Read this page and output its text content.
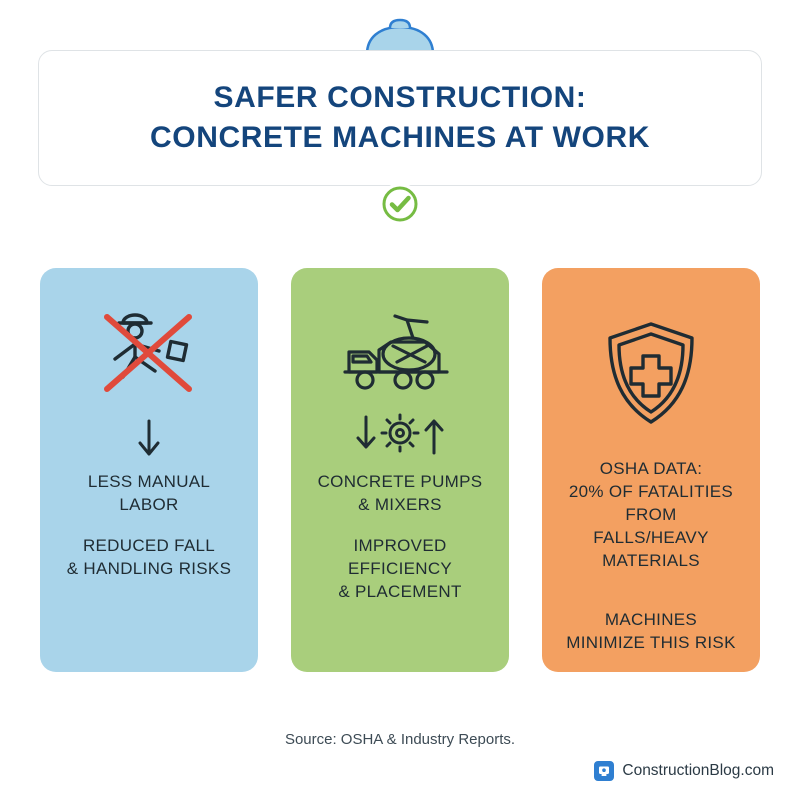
SAFER CONSTRUCTION:
CONCRETE MACHINES AT WORK
LESS MANUAL
LABOR
REDUCED FALL
& HANDLING RISKS
CONCRETE PUMPS
& MIXERS
IMPROVED EFFICIENCY
& PLACEMENT
OSHA DATA:
20% OF FATALITIES FROM
FALLS/HEAVY MATERIALS
MACHINES
MINIMIZE THIS RISK
Source: OSHA & Industry Reports.
ConstructionBlog.com
